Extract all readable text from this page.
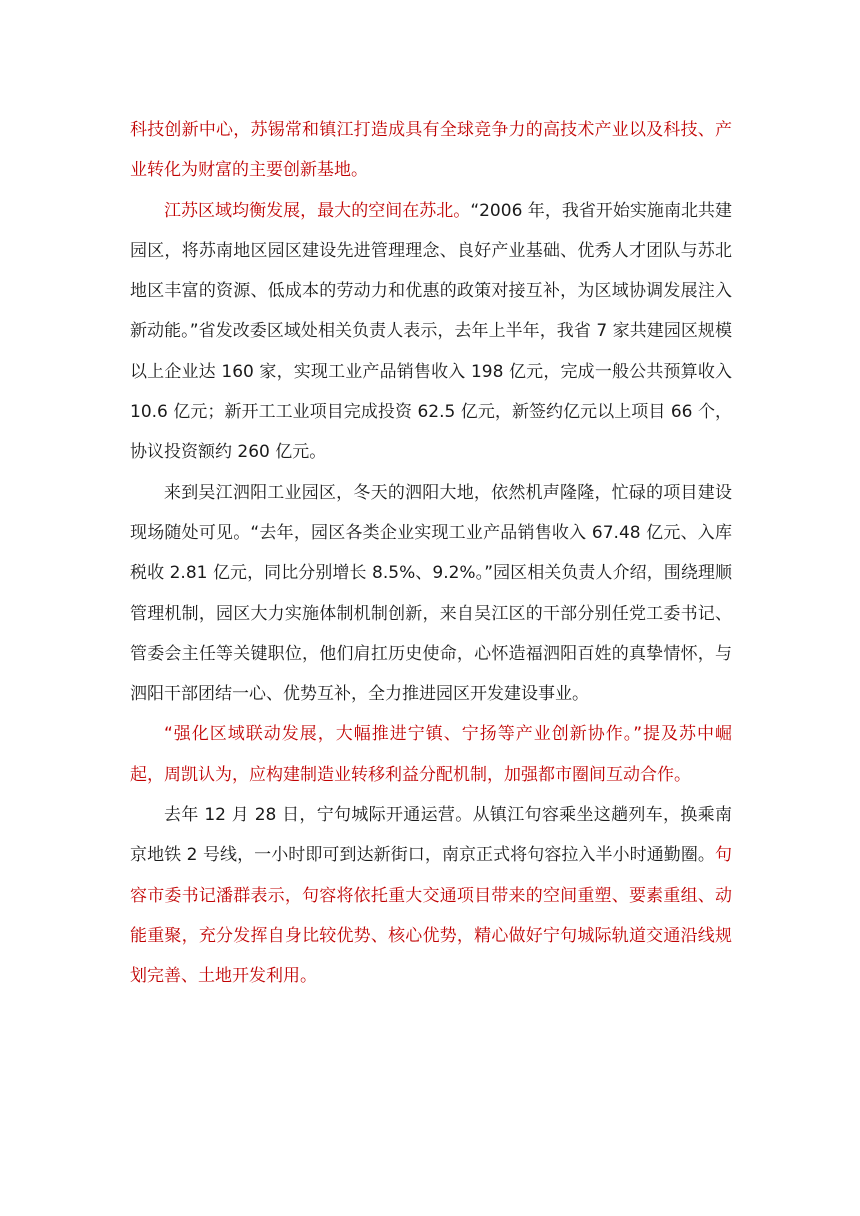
科技创新中心，苏锡常和镇江打造成具有全球竞争力的高技术产业以及科技、产业转化为财富的主要创新基地。

江苏区域均衡发展，最大的空间在苏北。“2006 年，我省开始实施南北共建园区，将苏南地区园区建设先进管理理念、良好产业基础、优秀人才团队与苏北地区丰富的资源、低成本的劳动力和优惠的政策对接互补，为区域协调发展注入新动能。”省发改委区域处相关负责人表示，去年上半年，我省 7 家共建园区规模以上企业达 160 家，实现工业产品销售收入 198 亿元，完成一般公共预算收入 10.6 亿元；新开工工业项目完成投资 62.5 亿元，新签约亿元以上项目 66 个，协议投资额约 260 亿元。

来到吴江泗阳工业园区，冬天的泗阳大地，依然机声隆隆，忙碌的项目建设现场随处可见。“去年，园区各类企业实现工业产品销售收入 67.48 亿元、入库税收 2.81 亿元，同比分别增长 8.5%、9.2%。”园区相关负责人介绍，围绕理顺管理机制，园区大力实施体制机制创新，来自吴江区的干部分别任党工委书记、管委会主任等关键职位，他们肩扛历史使命，心怀造福泗阳百姓的真挚情怀，与泗阳干部团结一心、优势互补，全力推进园区开发建设事业。

“强化区域联动发展，大幅推进宁镇、宁扬等产业创新协作。”提及苏中崛起，周凯认为，应构建制造业转移利益分配机制，加强都市圈间互动合作。

去年 12 月 28 日，宁句城际开通运营。从镇江句容乘坐这趟列车，换乘南京地铁 2 号线，一小时即可到达新街口，南京正式将句容拉入半小时通勤圈。句容市委书记潘群表示，句容将依托重大交通项目带来的空间重塑、要素重组、动能重聚，充分发挥自身比较优势、核心优势，精心做好宁句城际轨道交通沿线规划完善、土地开发利用。
